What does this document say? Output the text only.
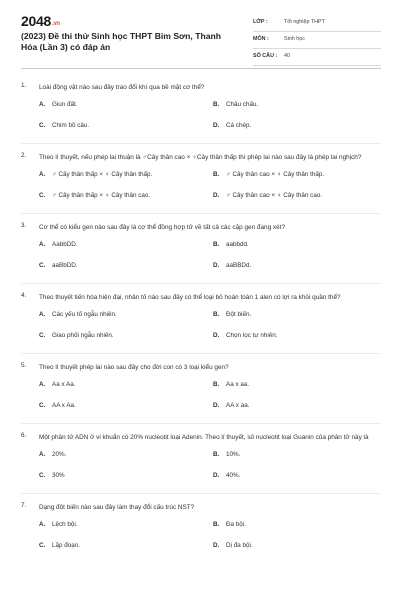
2048.vn
(2023) Đề thi thử Sinh học THPT Bỉm Sơn, Thanh Hóa (Lần 3) có đáp án
LỚP :	Tốt nghiệp THPT
MÔN :	Sinh học
SỐ CÂU : 40
1. Loài động vật nào sau đây trao đổi khí qua bề mặt cơ thể?
A.	Giun đất.	B.	Châu chấu.
C.	Chim bồ câu.	D.	Cá chép.
2. Theo lí thuyết, nếu phép lai thuận là ♂Cây thân cao × ♀Cây thân thấp thì phép lai nào sau đây là phép lai nghịch?
A.	♂ Cây thân thấp × ♀ Cây thân thấp.	B.	♂ Cây thân cao × ♀ Cây thân thấp.
C.	♂ Cây thân thấp × ♀ Cây thân cao.	D.	♂ Cây thân cao × ♀ Cây thân cao.
3. Cơ thể có kiểu gen nào sau đây là cơ thể đồng hợp tử về tất cả các cặp gen đang xét?
A.	AabbDD.	B.	aabbdd.
C.	aaBbDD.	D.	aaBBDd.
4. Theo thuyết tiến hóa hiện đại, nhân tố nào sau đây có thể loại bỏ hoàn toàn 1 alen có lợi ra khỏi quần thể?
A.	Các yếu tố ngẫu nhiên.	B.	Đột biến.
C.	Giao phối ngẫu nhiên.	D.	Chọn lọc tự nhiên.
5. Theo lí thuyết phép lai nào sau đây cho đời con có 3 loại kiểu gen?
A.	Aa x Aa.	B.	Aa x aa.
C.	AA x Aa.	D.	AA x aa.
6. Một phân tử ADN ở vi khuẩn có 20% nucleotit loại Adenin. Theo lí thuyết, số nucleotit loại Guanin của phân tử này là
A.	20%.	B.	10%.
C.	30%	D.	40%.
7. Dạng đột biến nào sau đây làm thay đổi cấu trúc NST?
A.	Lệch bội.	B.	Đa bội.
C.	Lặp đoạn.	D.	Dị đa bội.
